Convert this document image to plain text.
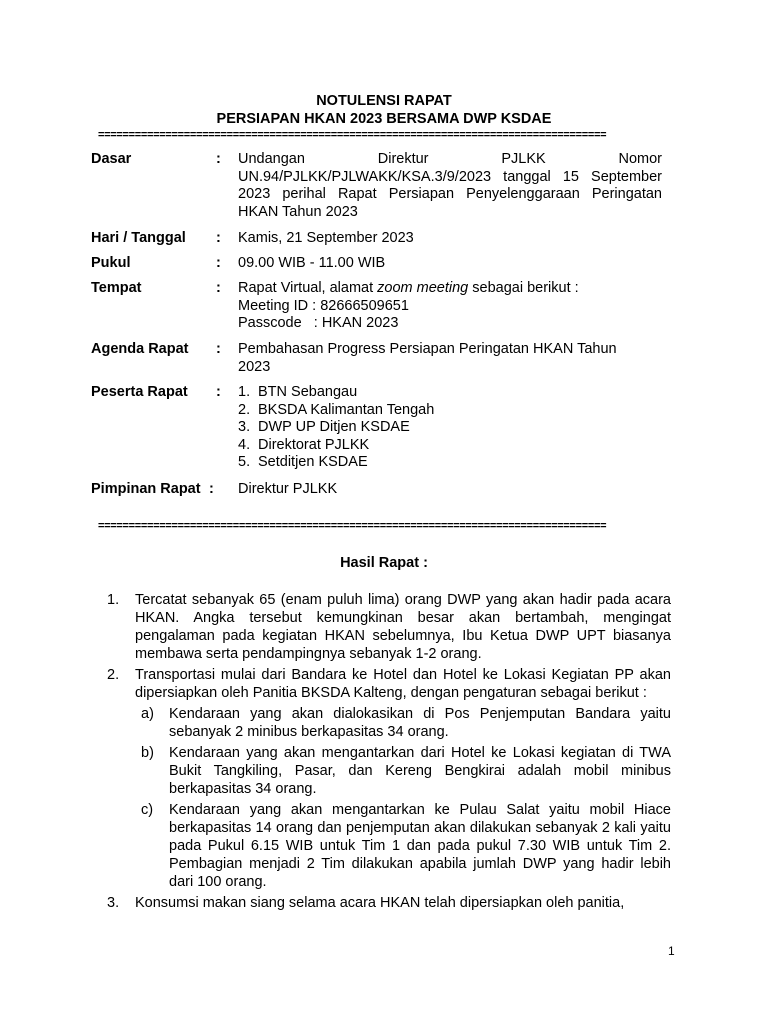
NOTULENSI RAPAT
PERSIAPAN HKAN 2023 BERSAMA DWP KSDAE
===================================================================================
Dasar	: Undangan Direktur PJLKK Nomor
UN.94/PJLKK/PJLWAKK/KSA.3/9/2023 tanggal 15 September
2023 perihal Rapat Persiapan Penyelenggaraan Peringatan
HKAN Tahun 2023
Hari / Tanggal : Kamis, 21 September 2023
Pukul	: 09.00 WIB - 11.00 WIB
Tempat	: Rapat Virtual, alamat zoom meeting sebagai berikut :
Meeting ID : 82666509651
Passcode   : HKAN 2023
Agenda Rapat : Pembahasan Progress Persiapan Peringatan HKAN Tahun
2023
Peserta Rapat : 1. BTN Sebangau
2. BKSDA Kalimantan Tengah
3. DWP UP Ditjen KSDAE
4. Direktorat PJLKK
5. Setditjen KSDAE
Pimpinan Rapat : Direktur PJLKK
===================================================================================
Hasil Rapat :
1. Tercatat sebanyak 65 (enam puluh lima) orang DWP yang akan hadir pada acara HKAN. Angka tersebut kemungkinan besar akan bertambah, mengingat pengalaman pada kegiatan HKAN sebelumnya, Ibu Ketua DWP UPT biasanya membawa serta pendampingnya sebanyak 1-2 orang.
2. Transportasi mulai dari Bandara ke Hotel dan Hotel ke Lokasi Kegiatan PP akan dipersiapkan oleh Panitia BKSDA Kalteng, dengan pengaturan sebagai berikut :
a) Kendaraan yang akan dialokasikan di Pos Penjemputan Bandara yaitu sebanyak 2 minibus berkapasitas 34 orang.
b) Kendaraan yang akan mengantarkan dari Hotel ke Lokasi kegiatan di TWA Bukit Tangkiling, Pasar, dan Kereng Bengkirai adalah mobil minibus berkapasitas 34 orang.
c) Kendaraan yang akan mengantarkan ke Pulau Salat yaitu mobil Hiace berkapasitas 14 orang dan penjemputan akan dilakukan sebanyak 2 kali yaitu pada Pukul 6.15 WIB untuk Tim 1 dan pada pukul 7.30 WIB untuk Tim 2. Pembagian menjadi 2 Tim dilakukan apabila jumlah DWP yang hadir lebih dari 100 orang.
3. Konsumsi makan siang selama acara HKAN telah dipersiapkan oleh panitia,
1
